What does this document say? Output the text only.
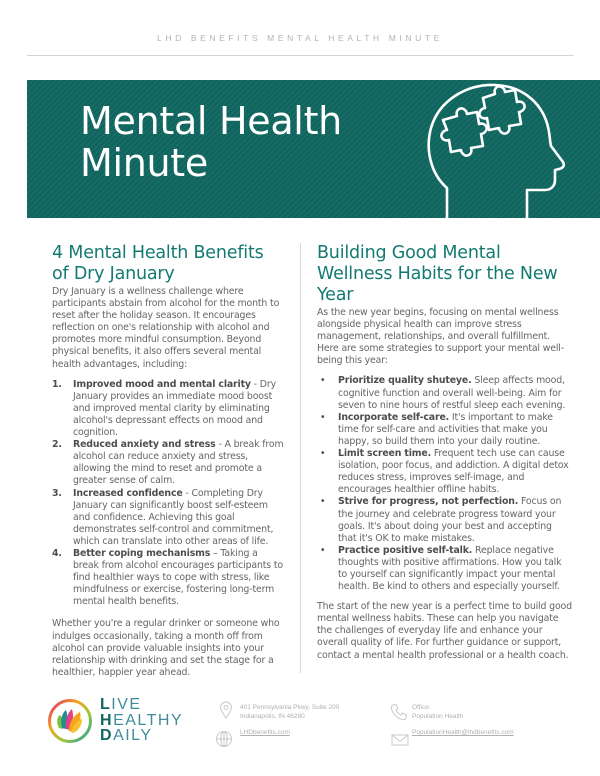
LHD BENEFITS MENTAL HEALTH MINUTE
Mental Health
Minute
4 Mental Health Benefits of Dry January

Dry January is a wellness challenge where participants abstain from alcohol for the month to reset after the holiday season. It encourages reflection on one's relationship with alcohol and promotes more mindful consumption. Beyond physical benefits, it also offers several mental health advantages, including:

1. Improved mood and mental clarity - Dry January provides an immediate mood boost and improved mental clarity by eliminating alcohol's depressant effects on mood and cognition.
2. Reduced anxiety and stress - A break from alcohol can reduce anxiety and stress, allowing the mind to reset and promote a greater sense of calm.
3. Increased confidence - Completing Dry January can significantly boost self-esteem and confidence. Achieving this goal demonstrates self-control and commitment, which can translate into other areas of life.
4. Better coping mechanisms – Taking a break from alcohol encourages participants to find healthier ways to cope with stress, like mindfulness or exercise, fostering long-term mental health benefits.

Whether you're a regular drinker or someone who indulges occasionally, taking a month off from alcohol can provide valuable insights into your relationship with drinking and set the stage for a healthier, happier year ahead.

Building Good Mental Wellness Habits for the New Year

As the new year begins, focusing on mental wellness alongside physical health can improve stress management, relationships, and overall fulfillment. Here are some strategies to support your mental well-being this year:

• Prioritize quality shuteye. Sleep affects mood, cognitive function and overall well-being. Aim for seven to nine hours of restful sleep each evening.
• Incorporate self-care. It's important to make time for self-care and activities that make you happy, so build them into your daily routine.
• Limit screen time. Frequent tech use can cause isolation, poor focus, and addiction. A digital detox reduces stress, improves self-image, and encourages healthier offline habits.
• Strive for progress, not perfection. Focus on the journey and celebrate progress toward your goals. It's about doing your best and accepting that it's OK to make mistakes.
• Practice positive self-talk. Replace negative thoughts with positive affirmations. How you talk to yourself can significantly impact your mental health. Be kind to others and especially yourself.

The start of the new year is a perfect time to build good mental wellness habits. These can help you navigate the challenges of everyday life and enhance your overall quality of life. For further guidance or support, contact a mental health professional or a health coach.

LIVE
HEALTHY
DAILY
401 Pennsylvania Pkwy, Suite 200
Indianapolis, IN 46280
LHDbenefits.com
Office:
Population Health
PopulationHealth@lhdbenefits.com
